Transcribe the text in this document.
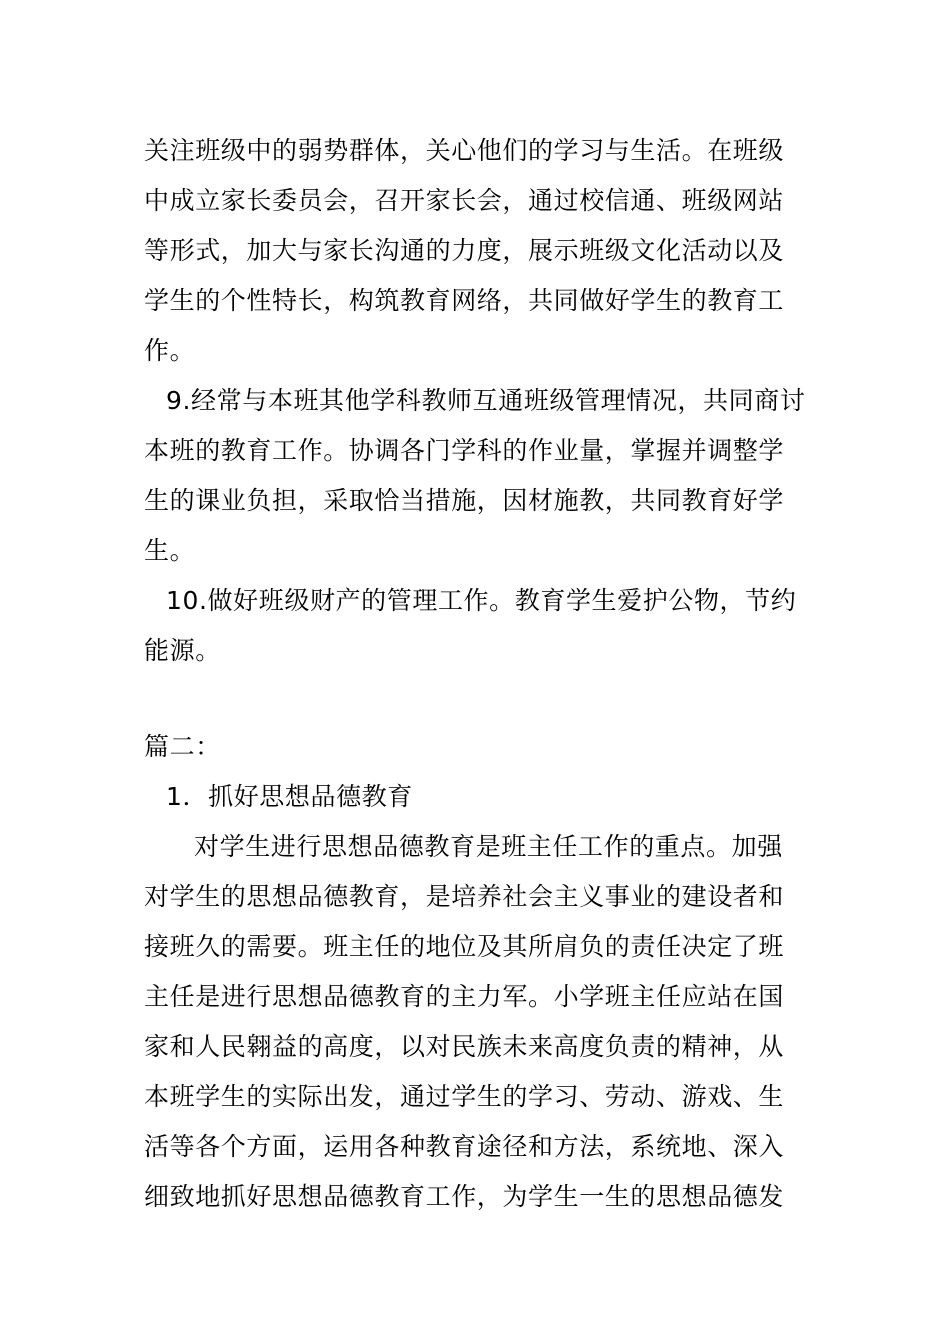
关注班级中的弱势群体，关心他们的学习与生活。在班级
中成立家长委员会，召开家长会，通过校信通、班级网站
等形式，加大与家长沟通的力度，展示班级文化活动以及
学生的个性特长，构筑教育网络，共同做好学生的教育工
作。
9.经常与本班其他学科教师互通班级管理情况，共同商讨
本班的教育工作。协调各门学科的作业量，掌握并调整学
生的课业负担，采取恰当措施，因材施教，共同教育好学
生。
10.做好班级财产的管理工作。教育学生爱护公物，节约
能源。
篇二：
1．抓好思想品德教育
对学生进行思想品德教育是班主任工作的重点。加强
对学生的思想品德教育，是培养社会主义事业的建设者和
接班久的需要。班主任的地位及其所肩负的责任决定了班
主任是进行思想品德教育的主力军。小学班主任应站在国
家和人民翱益的高度，以对民族未来高度负责的精神，从
本班学生的实际出发，通过学生的学习、劳动、游戏、生
活等各个方面，运用各种教育途径和方法，系统地、深入
细致地抓好思想品德教育工作，为学生一生的思想品德发
